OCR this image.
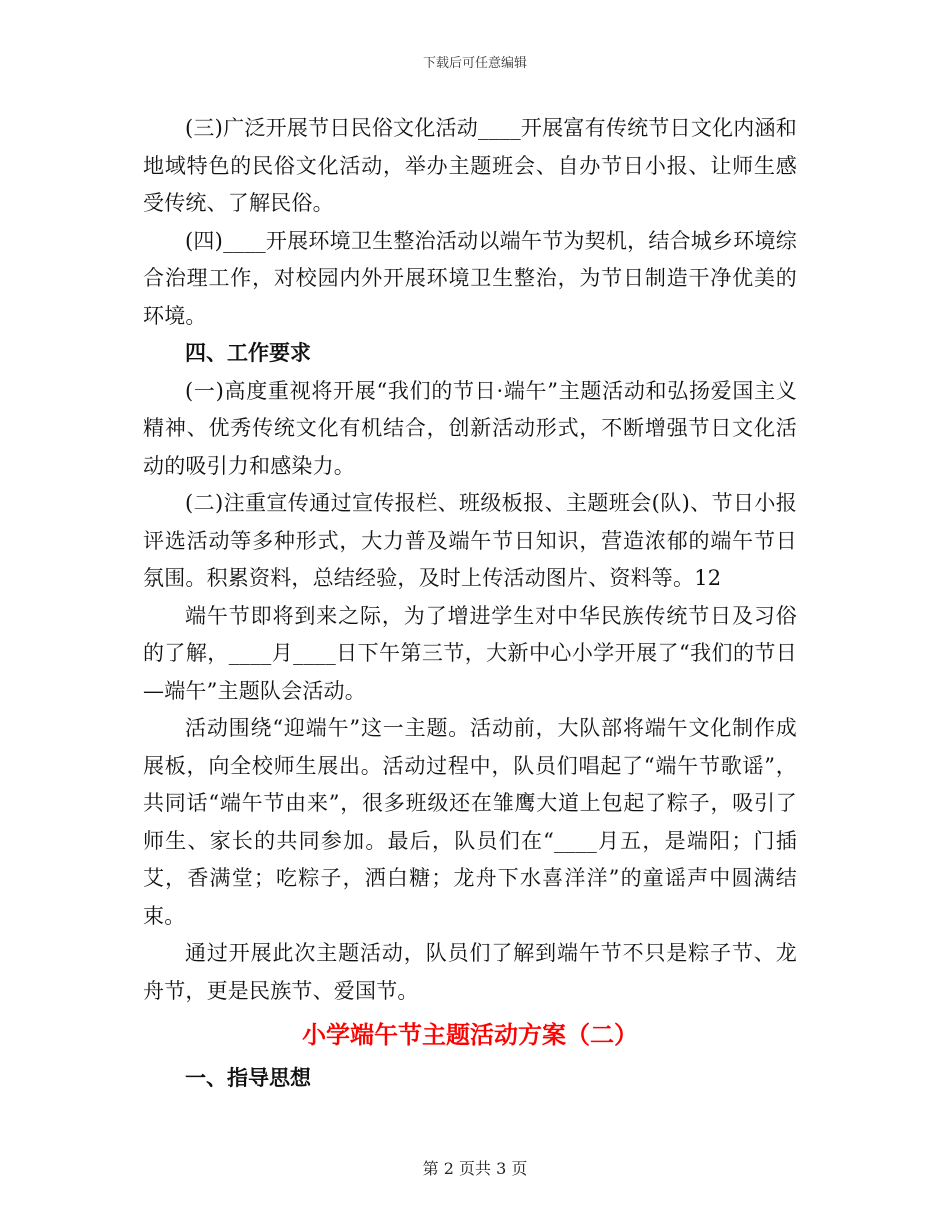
下载后可任意编辑

(三)广泛开展节日民俗文化活动____开展富有传统节日文化内涵和地域特色的民俗文化活动，举办主题班会、自办节日小报、让师生感受传统、了解民俗。

(四)____开展环境卫生整治活动以端午节为契机，结合城乡环境综合治理工作，对校园内外开展环境卫生整治，为节日制造干净优美的环境。

四、工作要求

(一)高度重视将开展“我们的节日·端午”主题活动和弘扬爱国主义精神、优秀传统文化有机结合，创新活动形式，不断增强节日文化活动的吸引力和感染力。

(二)注重宣传通过宣传报栏、班级板报、主题班会(队)、节日小报评选活动等多种形式，大力普及端午节日知识，营造浓郁的端午节日氛围。积累资料，总结经验，及时上传活动图片、资料等。12

端午节即将到来之际，为了增进学生对中华民族传统节日及习俗的了解，____月____日下午第三节，大新中心小学开展了“我们的节日—端午”主题队会活动。

活动围绕“迎端午”这一主题。活动前，大队部将端午文化制作成展板，向全校师生展出。活动过程中，队员们唱起了“端午节歌谣”，共同话“端午节由来”，很多班级还在雏鹰大道上包起了粽子，吸引了师生、家长的共同参加。最后，队员们在“____月五，是端阳；门插艾，香满堂；吃粽子，洒白糖；龙舟下水喜洋洋”的童谣声中圆满结束。

通过开展此次主题活动，队员们了解到端午节不只是粽子节、龙舟节，更是民族节、爱国节。

小学端午节主题活动方案（二）

一、指导思想

第 2 页共 3 页
